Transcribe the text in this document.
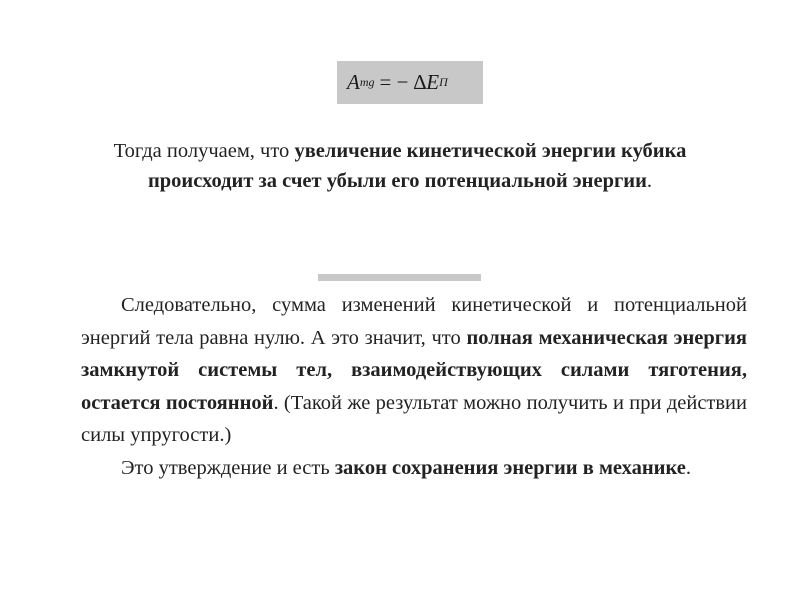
A mg = − ∆ E П
Тогда получаем, что увеличение кинетической энергии кубика происходит за счет убыли его потенциальной энергии.

Следовательно, сумма изменений кинетической и потенциальной энергий тела равна нулю. А это значит, что полная механическая энергия замкнутой системы тел, взаимодействующих силами тяготения, остается постоянной. (Такой же результат можно получить и при действии силы упругости.)

Это утверждение и есть закон сохранения энергии в механике.
